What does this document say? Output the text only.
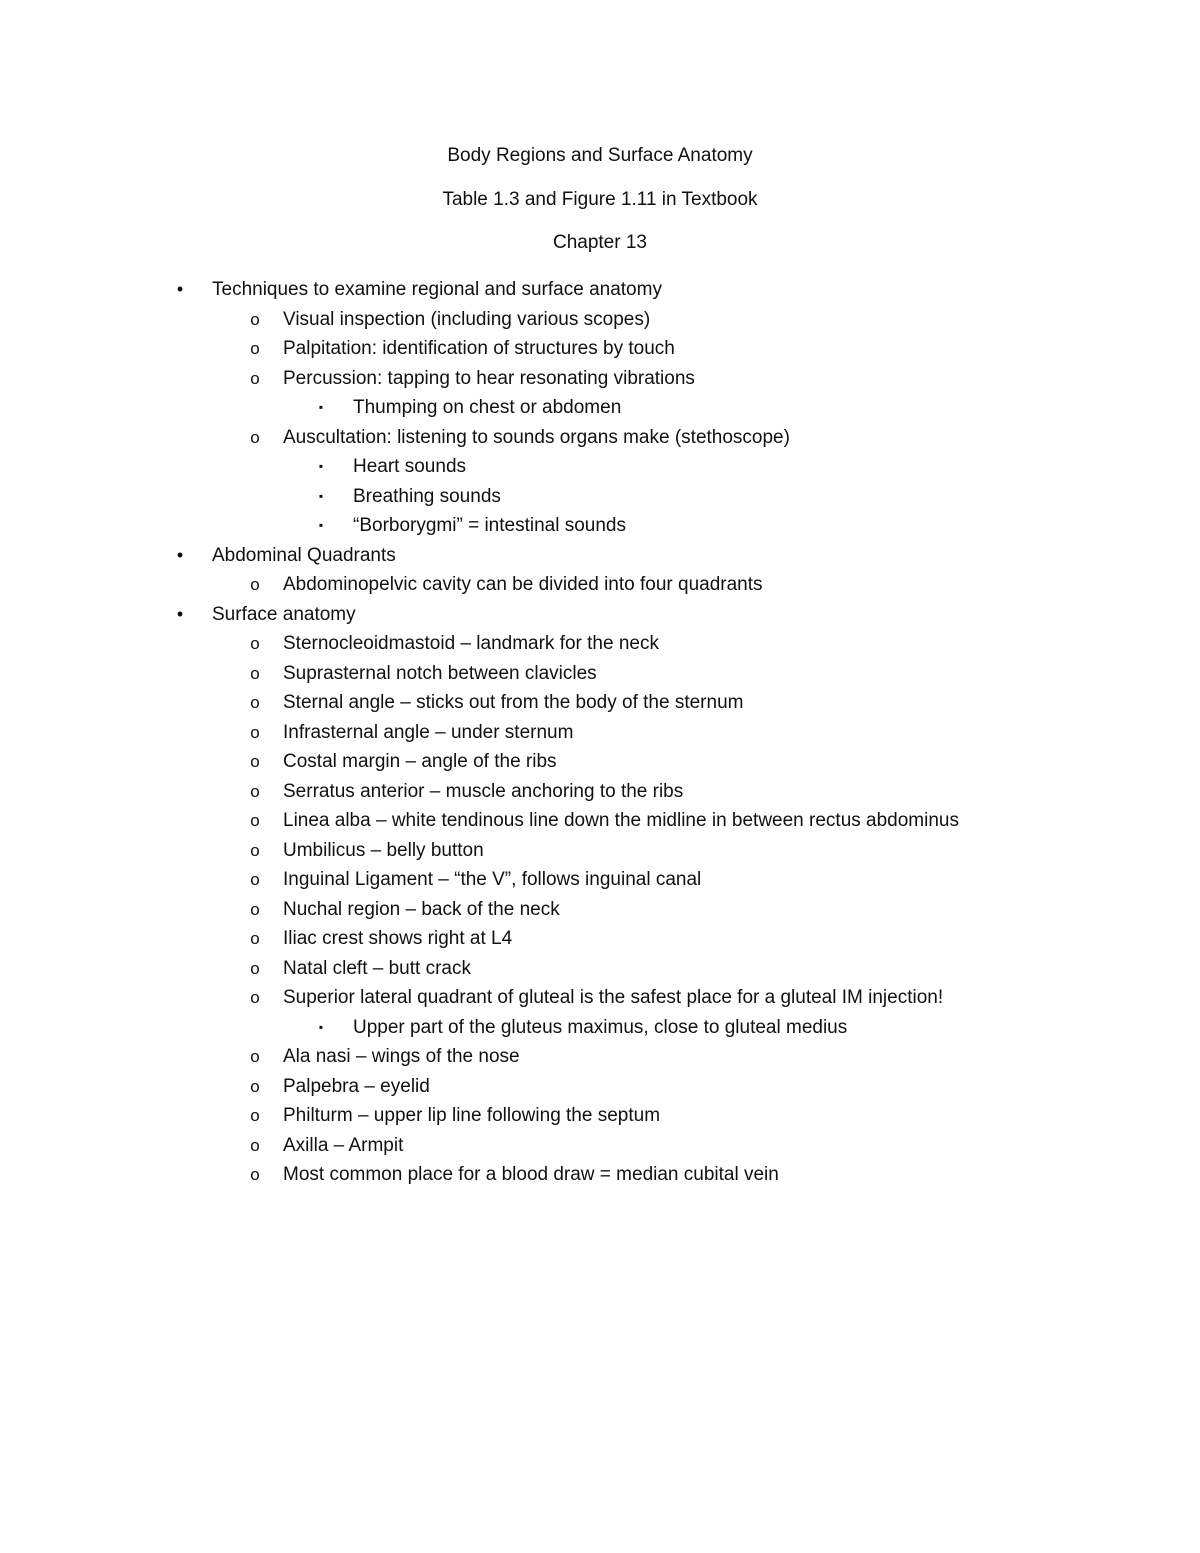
Body Regions and Surface Anatomy
Table 1.3 and Figure 1.11 in Textbook
Chapter 13
•	Techniques to examine regional and surface anatomy
o Visual inspection (including various scopes)
o Palpitation: identification of structures by touch
o Percussion: tapping to hear resonating vibrations
▪	Thumping on chest or abdomen
o Auscultation: listening to sounds organs make (stethoscope)
▪	Heart sounds
▪	Breathing sounds
▪	“Borborygmi” = intestinal sounds
•	Abdominal Quadrants
o Abdominopelvic cavity can be divided into four quadrants
•	Surface anatomy
o Sternocleoidmastoid – landmark for the neck
o Suprasternal notch between clavicles
o Sternal angle – sticks out from the body of the sternum
o Infrasternal angle – under sternum
o Costal margin – angle of the ribs
o Serratus anterior – muscle anchoring to the ribs
o Linea alba – white tendinous line down the midline in between rectus abdominus
o Umbilicus – belly button
o Inguinal Ligament – “the V”, follows inguinal canal
o Nuchal region – back of the neck
o Iliac crest shows right at L4
o Natal cleft – butt crack
o Superior lateral quadrant of gluteal is the safest place for a gluteal IM injection!
▪	Upper part of the gluteus maximus, close to gluteal medius
o Ala nasi – wings of the nose
o Palpebra – eyelid
o Philturm – upper lip line following the septum
o Axilla – Armpit
o Most common place for a blood draw = median cubital vein
